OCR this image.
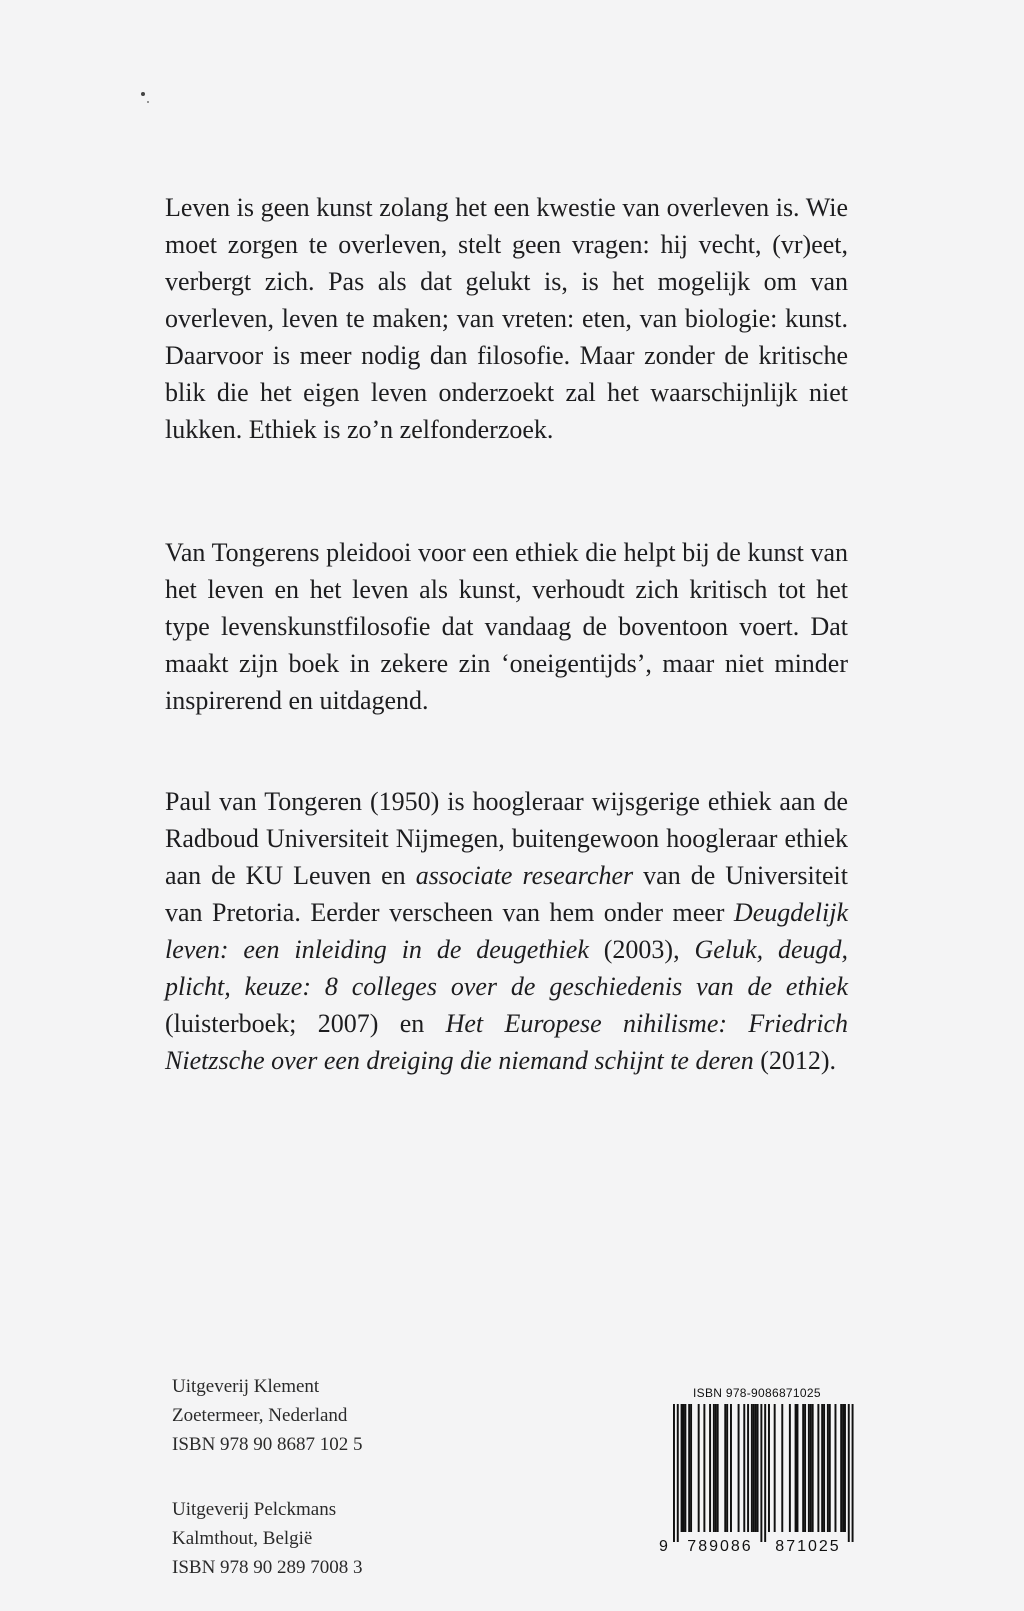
Leven is geen kunst zolang het een kwestie van overleven is. Wie moet zorgen te overleven, stelt geen vragen: hij vecht, (vr)eet, verbergt zich. Pas als dat gelukt is, is het mogelijk om van overleven, leven te maken; van vreten: eten, van biologie: kunst. Daarvoor is meer nodig dan filosofie. Maar zonder de kritische blik die het eigen leven onderzoekt zal het waarschijnlijk niet lukken. Ethiek is zo’n zelfonderzoek.

Van Tongerens pleidooi voor een ethiek die helpt bij de kunst van het leven en het leven als kunst, verhoudt zich kritisch tot het type levenskunstfilosofie dat vandaag de boventoon voert. Dat maakt zijn boek in zekere zin ‘oneigentijds’, maar niet minder inspirerend en uitdagend.

Paul van Tongeren (1950) is hoogleraar wijsgerige ethiek aan de Radboud Universiteit Nijmegen, buitengewoon hoogleraar ethiek aan de KU Leuven en associate researcher van de Universiteit van Pretoria. Eerder verscheen van hem onder meer Deugdelijk leven: een inleiding in de deugethiek (2003), Geluk, deugd, plicht, keuze: 8 colleges over de geschiedenis van de ethiek (luisterboek; 2007) en Het Europese nihilisme: Friedrich Nietzsche over een dreiging die niemand schijnt te deren (2012).

Uitgeverij Klement
Zoetermeer, Nederland
ISBN 978 90 8687 102 5
Uitgeverij Pelckmans
Kalmthout, België
ISBN 978 90 289 7008 3
ISBN 978-9086871025
9 789086 871025
